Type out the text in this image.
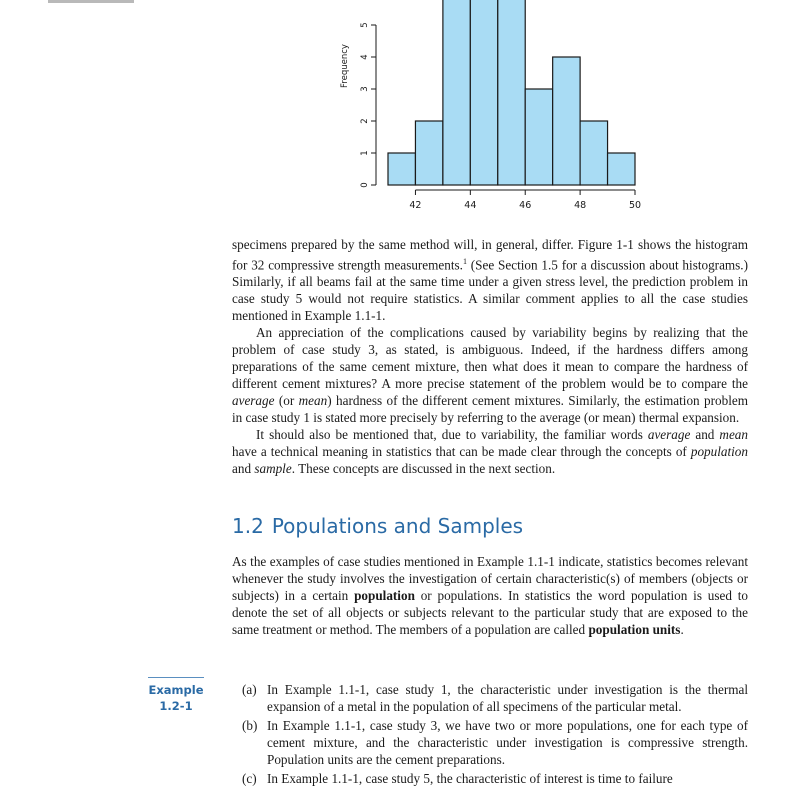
0
1
2
3
4
5
Frequency
42	44	46	48	50

specimens prepared by the same method will, in general, differ. Figure 1-1 shows the histogram for 32 compressive strength measurements.$^1$ (See Section 1.5 for a discussion about histograms.) Similarly, if all beams fail at the same time under a given stress level, the prediction problem in case study 5 would not require statistics. A similar comment applies to all the case studies mentioned in Example 1.1-1.

An appreciation of the complications caused by variability begins by realizing that the problem of case study 3, as stated, is ambiguous. Indeed, if the hardness differs among preparations of the same cement mixture, then what does it mean to compare the hardness of different cement mixtures? A more precise statement of the problem would be to compare the average (or mean) hardness of the different cement mixtures. Similarly, the estimation problem in case study 1 is stated more precisely by referring to the average (or mean) thermal expansion.

It should also be mentioned that, due to variability, the familiar words average and mean have a technical meaning in statistics that can be made clear through the concepts of population and sample. These concepts are discussed in the next section.

1.2 Populations and Samples

As the examples of case studies mentioned in Example 1.1-1 indicate, statistics becomes relevant whenever the study involves the investigation of certain characteristic(s) of members (objects or subjects) in a certain population or populations. In statistics the word population is used to denote the set of all objects or subjects relevant to the particular study that are exposed to the same treatment or method. The members of a population are called population units.

Example
1.2-1
(a) In Example 1.1-1, case study 1, the characteristic under investigation is the thermal expansion of a metal in the population of all specimens of the particular metal.
(b) In Example 1.1-1, case study 3, we have two or more populations, one for each type of cement mixture, and the characteristic under investigation is compressive strength. Population units are the cement preparations.
(c) In Example 1.1-1, case study 5, the characteristic of interest is time to failure
